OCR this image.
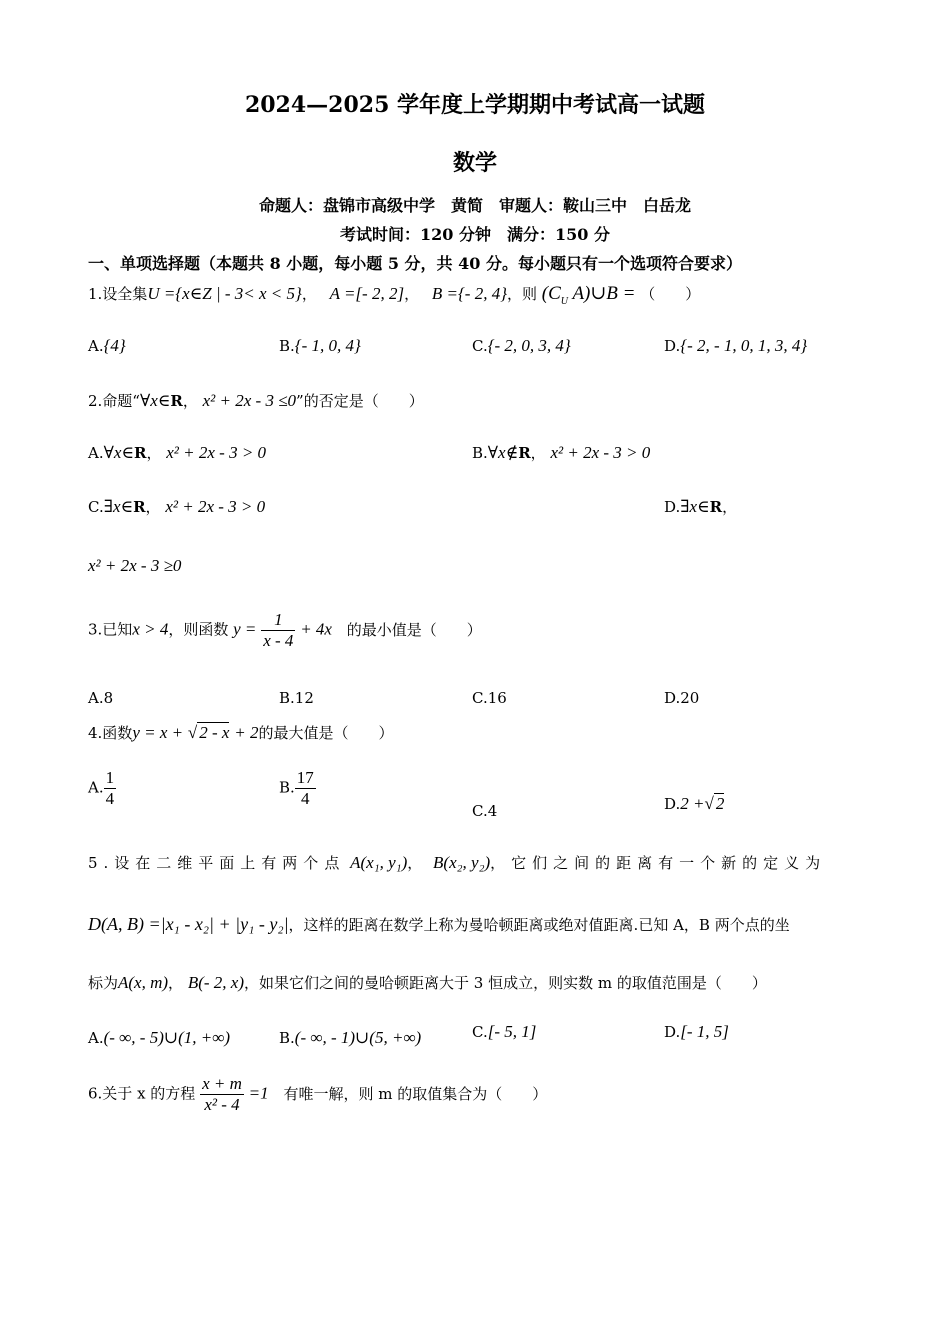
2024—2025 学年度上学期期中考试高一试题
数学
命题人：盘锦市高级中学　黄简　审题人：鞍山三中　白岳龙
考试时间：120 分钟　满分：150 分
一、单项选择题（本题共 8 小题，每小题 5 分，共 40 分。每小题只有一个选项符合要求）
1.设全集U ={x∈Z | - 3< x < 5}， A =[- 2, 2]， B ={- 2, 4}，则 ($C_U$ A)∪B = （　　）
A.{4}	B.{- 1, 0, 4}	C.{- 2, 0, 3, 4}	D.{- 2, - 1, 0, 1, 3, 4}
2.命题“∀x∈R， x² + 2x - 3 ≤0”的否定是（　　）
A.∀x∈R， x² + 2x - 3 > 0	B.∀x∉R， x² + 2x - 3 > 0
C.∃x∈R， x² + 2x - 3 > 0	D.∃x∈R，
x² + 2x - 3 ≥0
3.已知x > 4，则函数 $y = \frac{1}{x - 4} + 4x$ 的最小值是（　　）
A.8	B.12	C.16	D.20
4.函数y = x + √ 2 - x + 2的最大值是（　　）
A. $\frac{1}{4}$	B. $\frac{17}{4}$
C.4	D.2 +√ 2
5.设在二维平面上有两个点 A(x₁, y₁)， B(x₂, y₂)，它们之间的距离有一个新的定义为
D(A, B) =|x₁ - x₂| + |y₁ - y₂|，这样的距离在数学上称为曼哈顿距离或绝对值距离.已知 A，B 两个点的坐
标为A(x, m)， B(- 2, x)，如果它们之间的曼哈顿距离大于 3 恒成立，则实数 m 的取值范围是（　　）
A.(- ∞, - 5)∪(1, +∞)	B.(- ∞, - 1)∪(5, +∞)	C.[- 5, 1]	D.[- 1, 5]
6.关于 x 的方程 $\frac{x + m}{\text{x² - 4}} =1$ 有唯一解，则 m 的取值集合为（　　）
